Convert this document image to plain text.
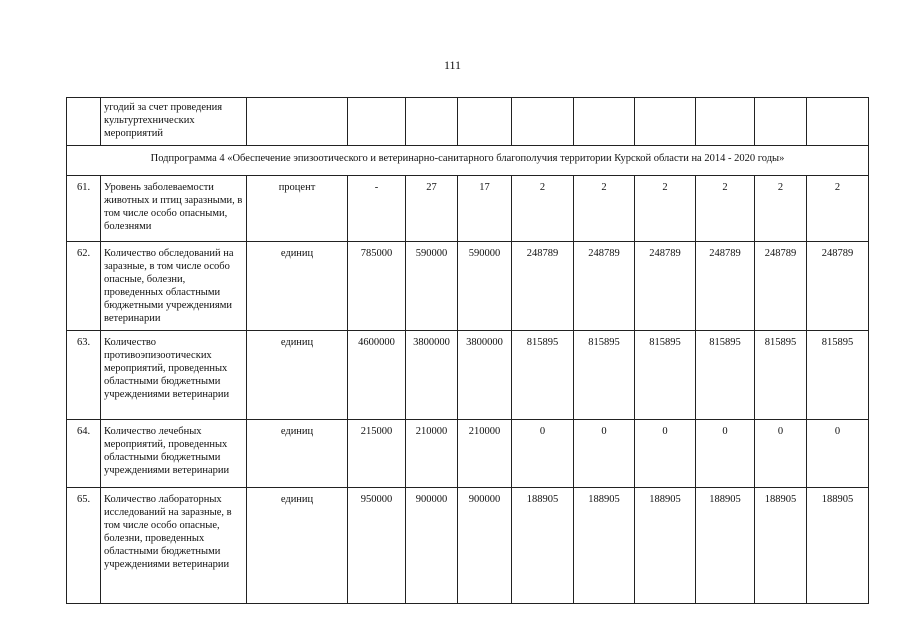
111
	угодий за счет проведения культуртехнических мероприятий										
Подпрограмма 4 «Обеспечение эпизоотического и ветеринарно-санитарного благополучия территории Курской области на 2014 - 2020 годы»											
61.	Уровень заболеваемости животных и птиц заразными, в том числе особо опасными, болезнями	процент	-	27	17	2	2	2	2	2	2
62.	Количество обследований на заразные, в том числе особо опасные, болезни, проведенных областными бюджетными учреждениями ветеринарии	единиц	785000	590000	590000	248789	248789	248789	248789	248789	248789
63.	Количество противоэпизоотических мероприятий, проведенных областными бюджетными учреждениями ветеринарии	единиц	4600000	3800000	3800000	815895	815895	815895	815895	815895	815895
64.	Количество лечебных мероприятий, проведенных областными бюджетными учреждениями ветеринарии	единиц	215000	210000	210000	0	0	0	0	0	0
65.	Количество лабораторных исследований на заразные, в том числе особо опасные, болезни, проведенных областными бюджетными учреждениями ветеринарии	единиц	950000	900000	900000	188905	188905	188905	188905	188905	188905
